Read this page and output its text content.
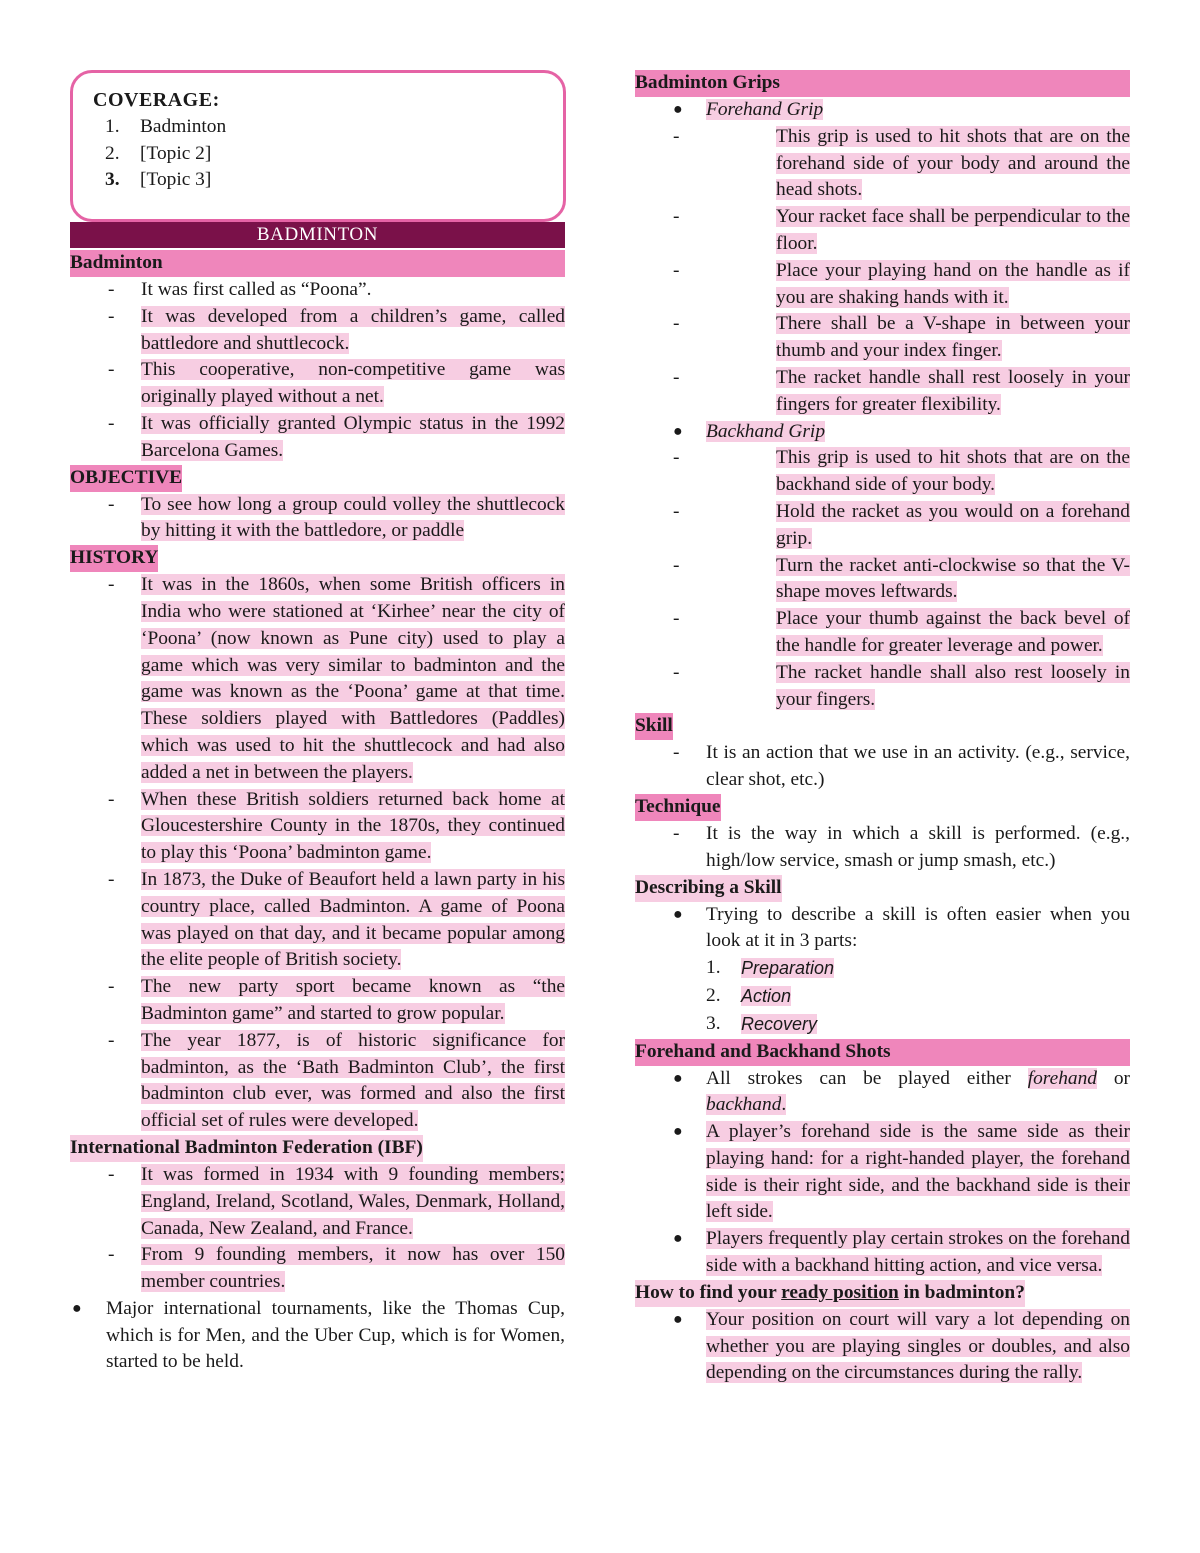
COVERAGE:
1. Badminton
2. [Topic 2]
3. [Topic 3]
BADMINTON
Badminton
- It was first called as “Poona”.
- It was developed from a children’s game, called battledore and shuttlecock.
- This cooperative, non-competitive game was originally played without a net.
- It was officially granted Olympic status in the 1992 Barcelona Games.
OBJECTIVE
- To see how long a group could volley the shuttlecock by hitting it with the battledore, or paddle
HISTORY
- It was in the 1860s, when some British officers in India who were stationed at ‘Kirhee’ near the city of ‘Poona’ (now known as Pune city) used to play a game which was very similar to badminton and the game was known as the ‘Poona’ game at that time. These soldiers played with Battledores (Paddles) which was used to hit the shuttlecock and had also added a net in between the players.
- When these British soldiers returned back home at Gloucestershire County in the 1870s, they continued to play this ‘Poona’ badminton game.
- In 1873, the Duke of Beaufort held a lawn party in his country place, called Badminton. A game of Poona was played on that day, and it became popular among the elite people of British society.
- The new party sport became known as “the Badminton game” and started to grow popular.
- The year 1877, is of historic significance for badminton, as the ‘Bath Badminton Club’, the first badminton club ever, was formed and also the first official set of rules were developed.
International Badminton Federation (IBF)
- It was formed in 1934 with 9 founding members; England, Ireland, Scotland, Wales, Denmark, Holland, Canada, New Zealand, and France.
- From 9 founding members, it now has over 150 member countries.
● Major international tournaments, like the Thomas Cup, which is for Men, and the Uber Cup, which is for Women, started to be held.
Badminton Grips
● Forehand Grip
- This grip is used to hit shots that are on the forehand side of your body and around the head shots.
- Your racket face shall be perpendicular to the floor.
- Place your playing hand on the handle as if you are shaking hands with it.
- There shall be a V-shape in between your thumb and your index finger.
- The racket handle shall rest loosely in your fingers for greater flexibility.
● Backhand Grip
- This grip is used to hit shots that are on the backhand side of your body.
- Hold the racket as you would on a forehand grip.
- Turn the racket anti-clockwise so that the V-shape moves leftwards.
- Place your thumb against the back bevel of the handle for greater leverage and power.
- The racket handle shall also rest loosely in your fingers.
Skill
- It is an action that we use in an activity. (e.g., service, clear shot, etc.)
Technique
- It is the way in which a skill is performed. (e.g., high/low service, smash or jump smash, etc.)
Describing a Skill
● Trying to describe a skill is often easier when you look at it in 3 parts:
1. Preparation
2. Action
3. Recovery
Forehand and Backhand Shots
● All strokes can be played either forehand or backhand.
● A player’s forehand side is the same side as their playing hand: for a right-handed player, the forehand side is their right side, and the backhand side is their left side.
● Players frequently play certain strokes on the forehand side with a backhand hitting action, and vice versa.
How to find your ready position in badminton?
● Your position on court will vary a lot depending on whether you are playing singles or doubles, and also depending on the circumstances during the rally.
